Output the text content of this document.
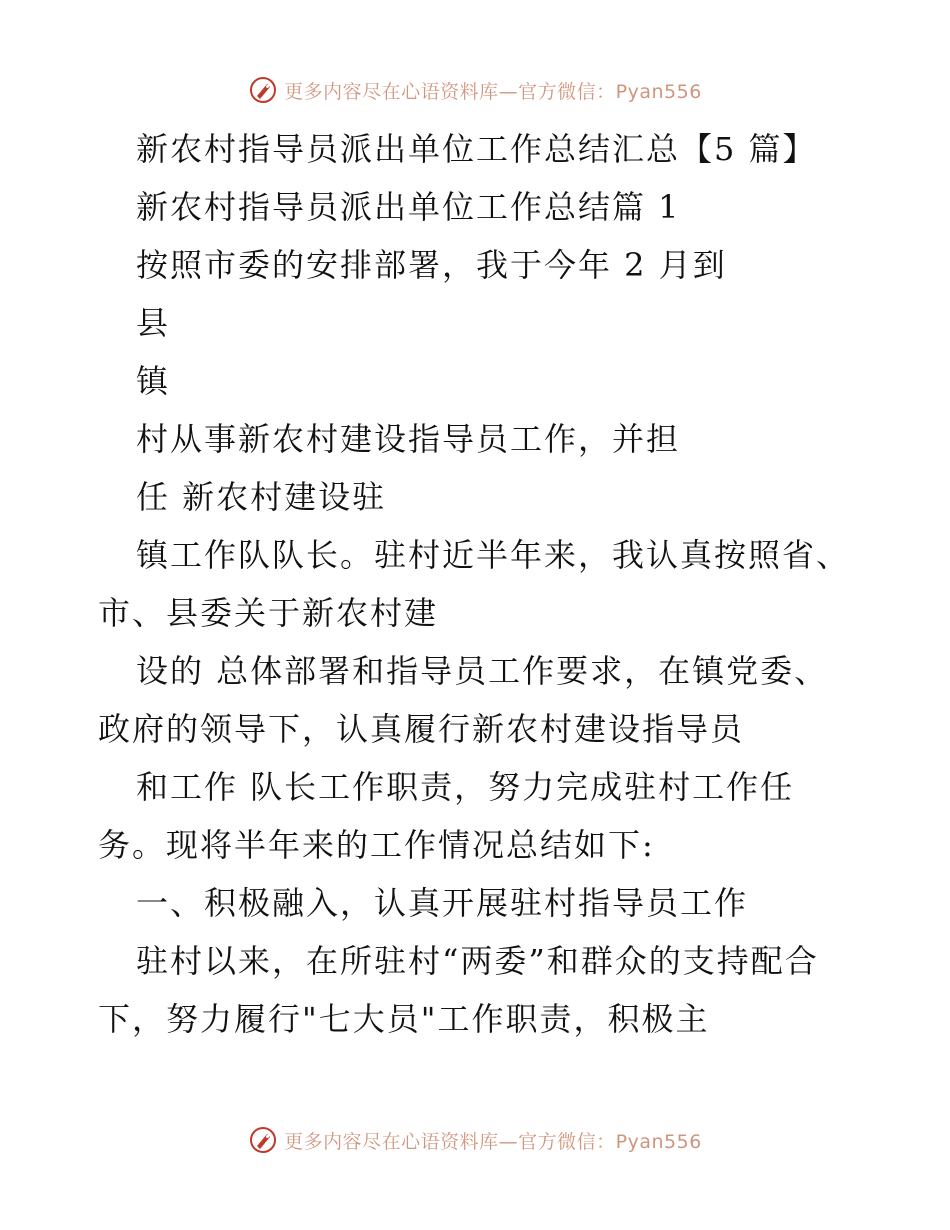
更多内容尽在心语资料库—官方微信：Pyan556
新农村指导员派出单位工作总结汇总【5 篇】
新农村指导员派出单位工作总结篇 1
按照市委的安排部署，我于今年 2 月到
县
镇
村从事新农村建设指导员工作，并担
任 新农村建设驻
镇工作队队长。驻村近半年来，我认真按照省、
市、县委关于新农村建
设的 总体部署和指导员工作要求，在镇党委、
政府的领导下，认真履行新农村建设指导员
和工作 队长工作职责，努力完成驻村工作任
务。现将半年来的工作情况总结如下:
一、积极融入，认真开展驻村指导员工作
驻村以来，在所驻村“两委”和群众的支持配合
下，努力履行"七大员"工作职责，积极主
更多内容尽在心语资料库—官方微信：Pyan556
